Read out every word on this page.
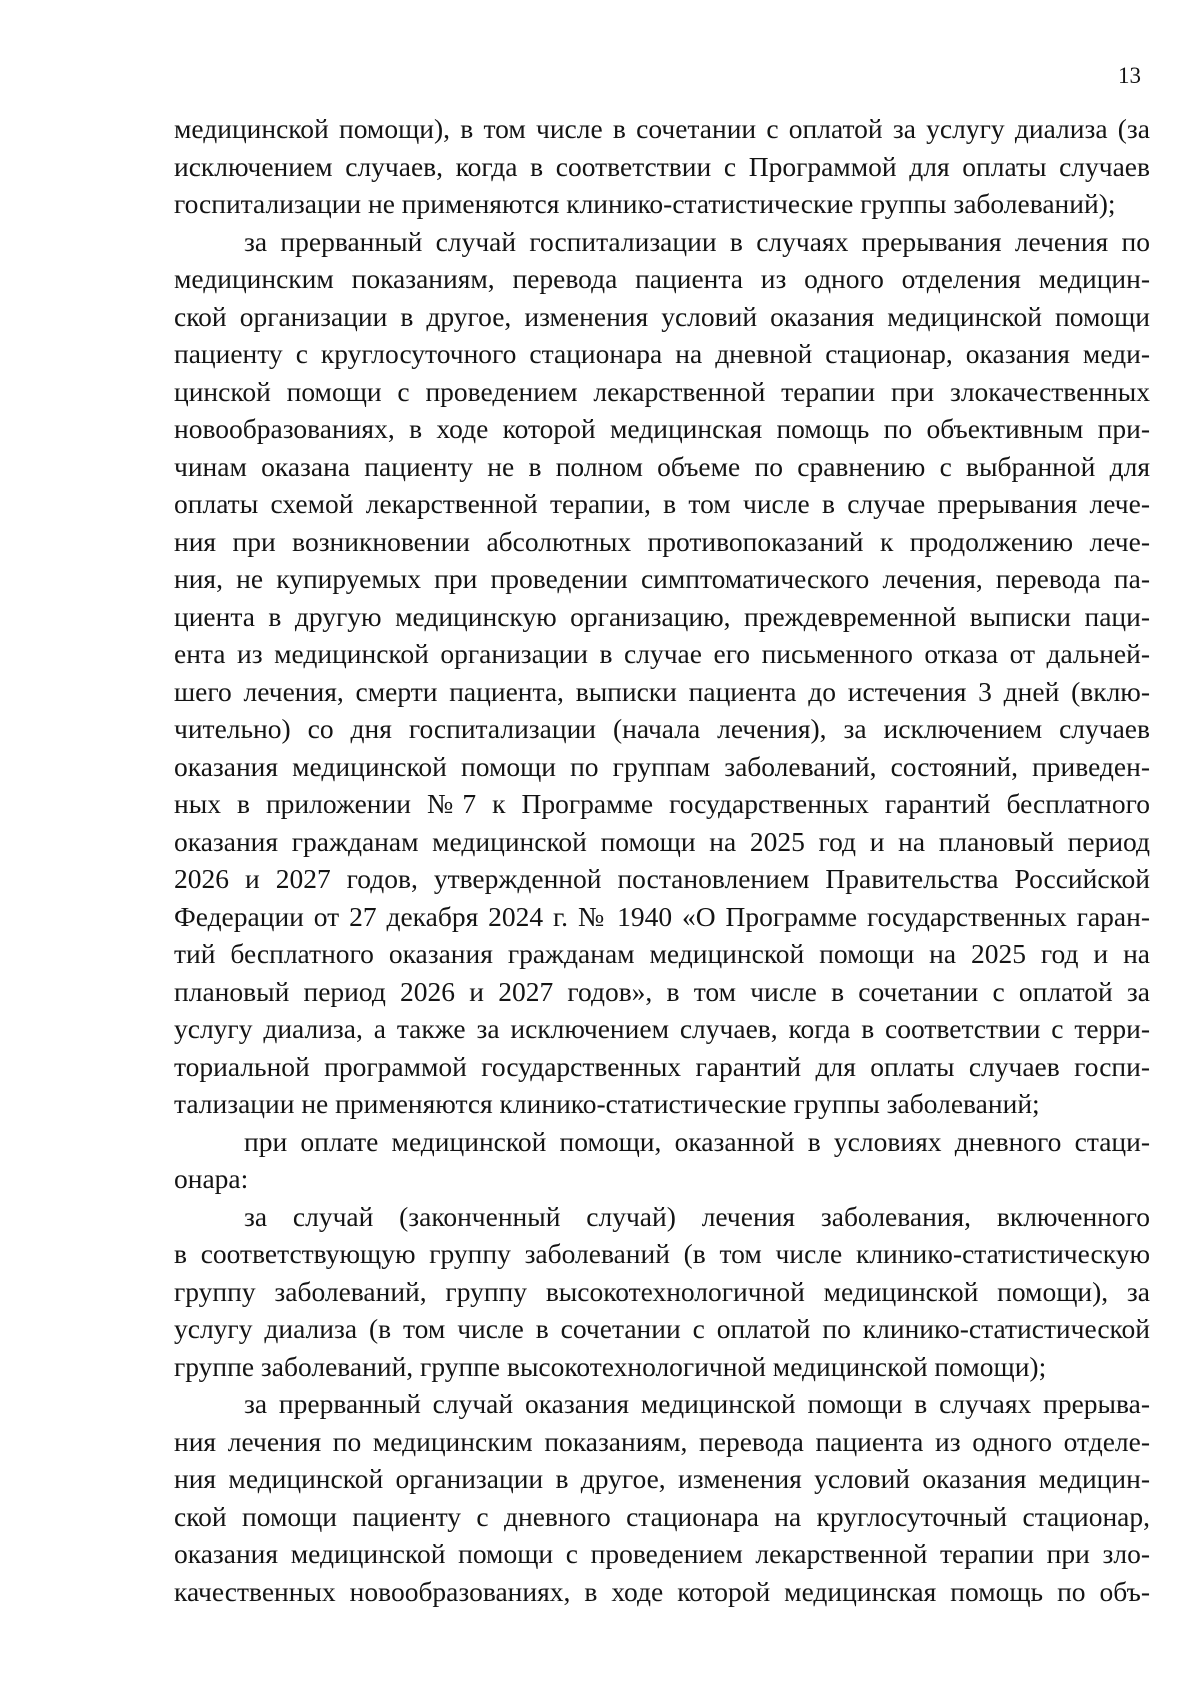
13
медицинской помощи), в том числе в сочетании с оплатой за услугу диализа (за
исключением случаев, когда в соответствии с Программой для оплаты случаев
госпитализации не применяются клинико-статистические группы заболеваний);
за прерванный случай госпитализации в случаях прерывания лечения по
медицинским показаниям, перевода пациента из одного отделения медицин-
ской организации в другое, изменения условий оказания медицинской помощи
пациенту с круглосуточного стационара на дневной стационар, оказания меди-
цинской помощи с проведением лекарственной терапии при злокачественных
новообразованиях, в ходе которой медицинская помощь по объективным при-
чинам оказана пациенту не в полном объеме по сравнению с выбранной для
оплаты схемой лекарственной терапии, в том числе в случае прерывания лече-
ния при возникновении абсолютных противопоказаний к продолжению лече-
ния, не купируемых при проведении симптоматического лечения, перевода па-
циента в другую медицинскую организацию, преждевременной выписки паци-
ента из медицинской организации в случае его письменного отказа от дальней-
шего лечения, смерти пациента, выписки пациента до истечения 3 дней (вклю-
чительно) со дня госпитализации (начала лечения), за исключением случаев
оказания медицинской помощи по группам заболеваний, состояний, приведен-
ных в приложении №7 к Программе государственных гарантий бесплатного
оказания гражданам медицинской помощи на 2025 год и на плановый период
2026 и 2027 годов, утвержденной постановлением Правительства Российской
Федерации от 27 декабря 2024 г. № 1940 «О Программе государственных гаран-
тий бесплатного оказания гражданам медицинской помощи на 2025 год и на
плановый период 2026 и 2027 годов», в том числе в сочетании с оплатой за
услугу диализа, а также за исключением случаев, когда в соответствии с терри-
ториальной программой государственных гарантий для оплаты случаев госпи-
тализации не применяются клинико-статистические группы заболеваний;
при оплате медицинской помощи, оказанной в условиях дневного стаци-
онара:
за случай (законченный случай) лечения заболевания, включенного
в соответствующую группу заболеваний (в том числе клинико-статистическую
группу заболеваний, группу высокотехнологичной медицинской помощи), за
услугу диализа (в том числе в сочетании с оплатой по клинико-статистической
группе заболеваний, группе высокотехнологичной медицинской помощи);
за прерванный случай оказания медицинской помощи в случаях прерыва-
ния лечения по медицинским показаниям, перевода пациента из одного отделе-
ния медицинской организации в другое, изменения условий оказания медицин-
ской помощи пациенту с дневного стационара на круглосуточный стационар,
оказания медицинской помощи с проведением лекарственной терапии при зло-
качественных новообразованиях, в ходе которой медицинская помощь по объ-
